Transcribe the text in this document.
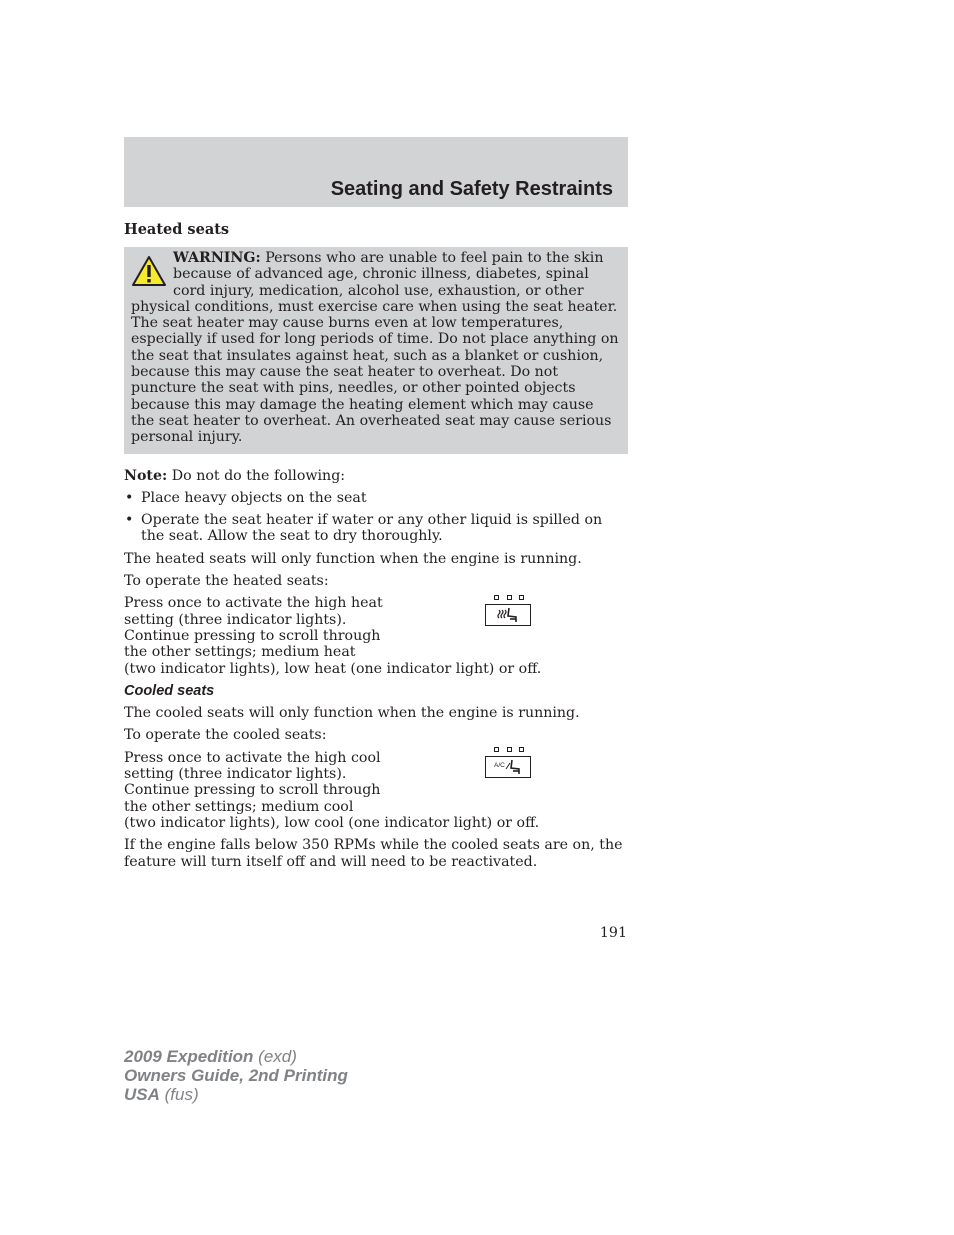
Seating and Safety Restraints

Heated seats

WARNING: Persons who are unable to feel pain to the skin because of advanced age, chronic illness, diabetes, spinal cord injury, medication, alcohol use, exhaustion, or other physical conditions, must exercise care when using the seat heater. The seat heater may cause burns even at low temperatures, especially if used for long periods of time. Do not place anything on the seat that insulates against heat, such as a blanket or cushion, because this may cause the seat heater to overheat. Do not puncture the seat with pins, needles, or other pointed objects because this may damage the heating element which may cause the seat heater to overheat. An overheated seat may cause serious personal injury.

Note: Do not do the following:

• Place heavy objects on the seat
• Operate the seat heater if water or any other liquid is spilled on the seat. Allow the seat to dry thoroughly.

The heated seats will only function when the engine is running.

To operate the heated seats:

Press once to activate the high heat

setting (three indicator lights).

Continue pressing to scroll through

the other settings; medium heat

(two indicator lights), low heat (one indicator light) or off.

Cooled seats

The cooled seats will only function when the engine is running.

To operate the cooled seats:

A/C

Press once to activate the high cool

setting (three indicator lights).

Continue pressing to scroll through

the other settings; medium cool

(two indicator lights), low cool (one indicator light) or off.

If the engine falls below 350 RPMs while the cooled seats are on, the feature will turn itself off and will need to be reactivated.

191
2009 Expedition (exd)
Owners Guide, 2nd Printing
USA (fus)
